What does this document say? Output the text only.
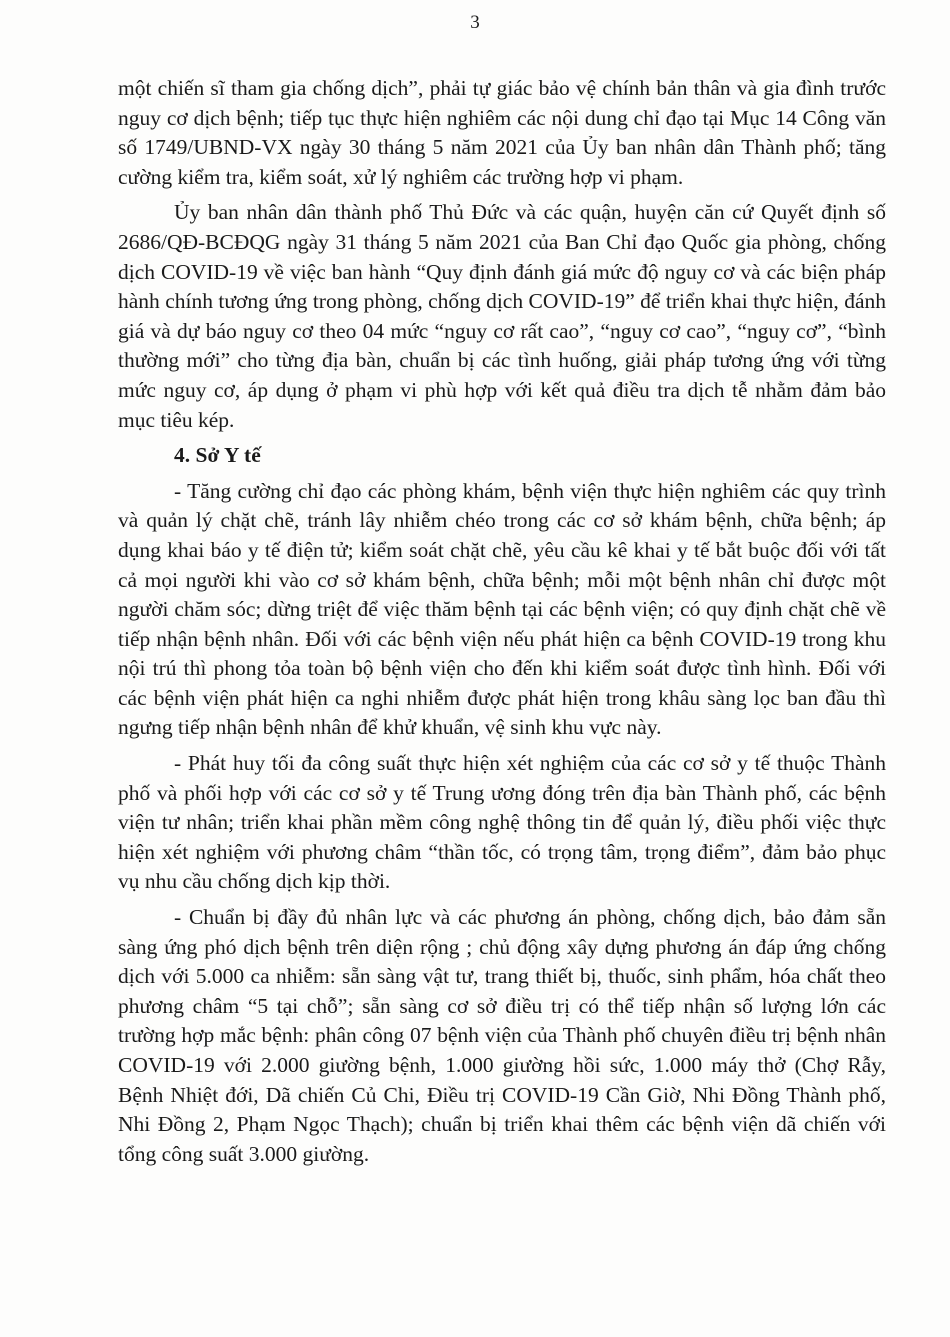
3

một chiến sĩ tham gia chống dịch”, phải tự giác bảo vệ chính bản thân và gia đình trước nguy cơ dịch bệnh; tiếp tục thực hiện nghiêm các nội dung chỉ đạo tại Mục 14 Công văn số 1749/UBND-VX ngày 30 tháng 5 năm 2021 của Ủy ban nhân dân Thành phố; tăng cường kiểm tra, kiểm soát, xử lý nghiêm các trường hợp vi phạm.

Ủy ban nhân dân thành phố Thủ Đức và các quận, huyện căn cứ Quyết định số 2686/QĐ-BCĐQG ngày 31 tháng 5 năm 2021 của Ban Chỉ đạo Quốc gia phòng, chống dịch COVID-19 về việc ban hành “Quy định đánh giá mức độ nguy cơ và các biện pháp hành chính tương ứng trong phòng, chống dịch COVID-19” để triển khai thực hiện, đánh giá và dự báo nguy cơ theo 04 mức “nguy cơ rất cao”, “nguy cơ cao”, “nguy cơ”, “bình thường mới” cho từng địa bàn, chuẩn bị các tình huống, giải pháp tương ứng với từng mức nguy cơ, áp dụng ở phạm vi phù hợp với kết quả điều tra dịch tễ nhằm đảm bảo mục tiêu kép.

4. Sở Y tế

- Tăng cường chỉ đạo các phòng khám, bệnh viện thực hiện nghiêm các quy trình và quản lý chặt chẽ, tránh lây nhiễm chéo trong các cơ sở khám bệnh, chữa bệnh; áp dụng khai báo y tế điện tử; kiểm soát chặt chẽ, yêu cầu kê khai y tế bắt buộc đối với tất cả mọi người khi vào cơ sở khám bệnh, chữa bệnh; mỗi một bệnh nhân chỉ được một người chăm sóc; dừng triệt để việc thăm bệnh tại các bệnh viện; có quy định chặt chẽ về tiếp nhận bệnh nhân. Đối với các bệnh viện nếu phát hiện ca bệnh COVID-19 trong khu nội trú thì phong tỏa toàn bộ bệnh viện cho đến khi kiểm soát được tình hình. Đối với các bệnh viện phát hiện ca nghi nhiễm được phát hiện trong khâu sàng lọc ban đầu thì ngưng tiếp nhận bệnh nhân để khử khuẩn, vệ sinh khu vực này.

- Phát huy tối đa công suất thực hiện xét nghiệm của các cơ sở y tế thuộc Thành phố và phối hợp với các cơ sở y tế Trung ương đóng trên địa bàn Thành phố, các bệnh viện tư nhân; triển khai phần mềm công nghệ thông tin để quản lý, điều phối việc thực hiện xét nghiệm với phương châm “thần tốc, có trọng tâm, trọng điểm”, đảm bảo phục vụ nhu cầu chống dịch kịp thời.

- Chuẩn bị đầy đủ nhân lực và các phương án phòng, chống dịch, bảo đảm sẵn sàng ứng phó dịch bệnh trên diện rộng ; chủ động xây dựng phương án đáp ứng chống dịch với 5.000 ca nhiễm: sẵn sàng vật tư, trang thiết bị, thuốc, sinh phẩm, hóa chất theo phương châm “5 tại chỗ”; sẵn sàng cơ sở điều trị có thể tiếp nhận số lượng lớn các trường hợp mắc bệnh: phân công 07 bệnh viện của Thành phố chuyên điều trị bệnh nhân COVID-19 với 2.000 giường bệnh, 1.000 giường hồi sức, 1.000 máy thở (Chợ Rẫy, Bệnh Nhiệt đới, Dã chiến Củ Chi, Điều trị COVID-19 Cần Giờ, Nhi Đồng Thành phố, Nhi Đồng 2, Phạm Ngọc Thạch); chuẩn bị triển khai thêm các bệnh viện dã chiến với tổng công suất 3.000 giường.
